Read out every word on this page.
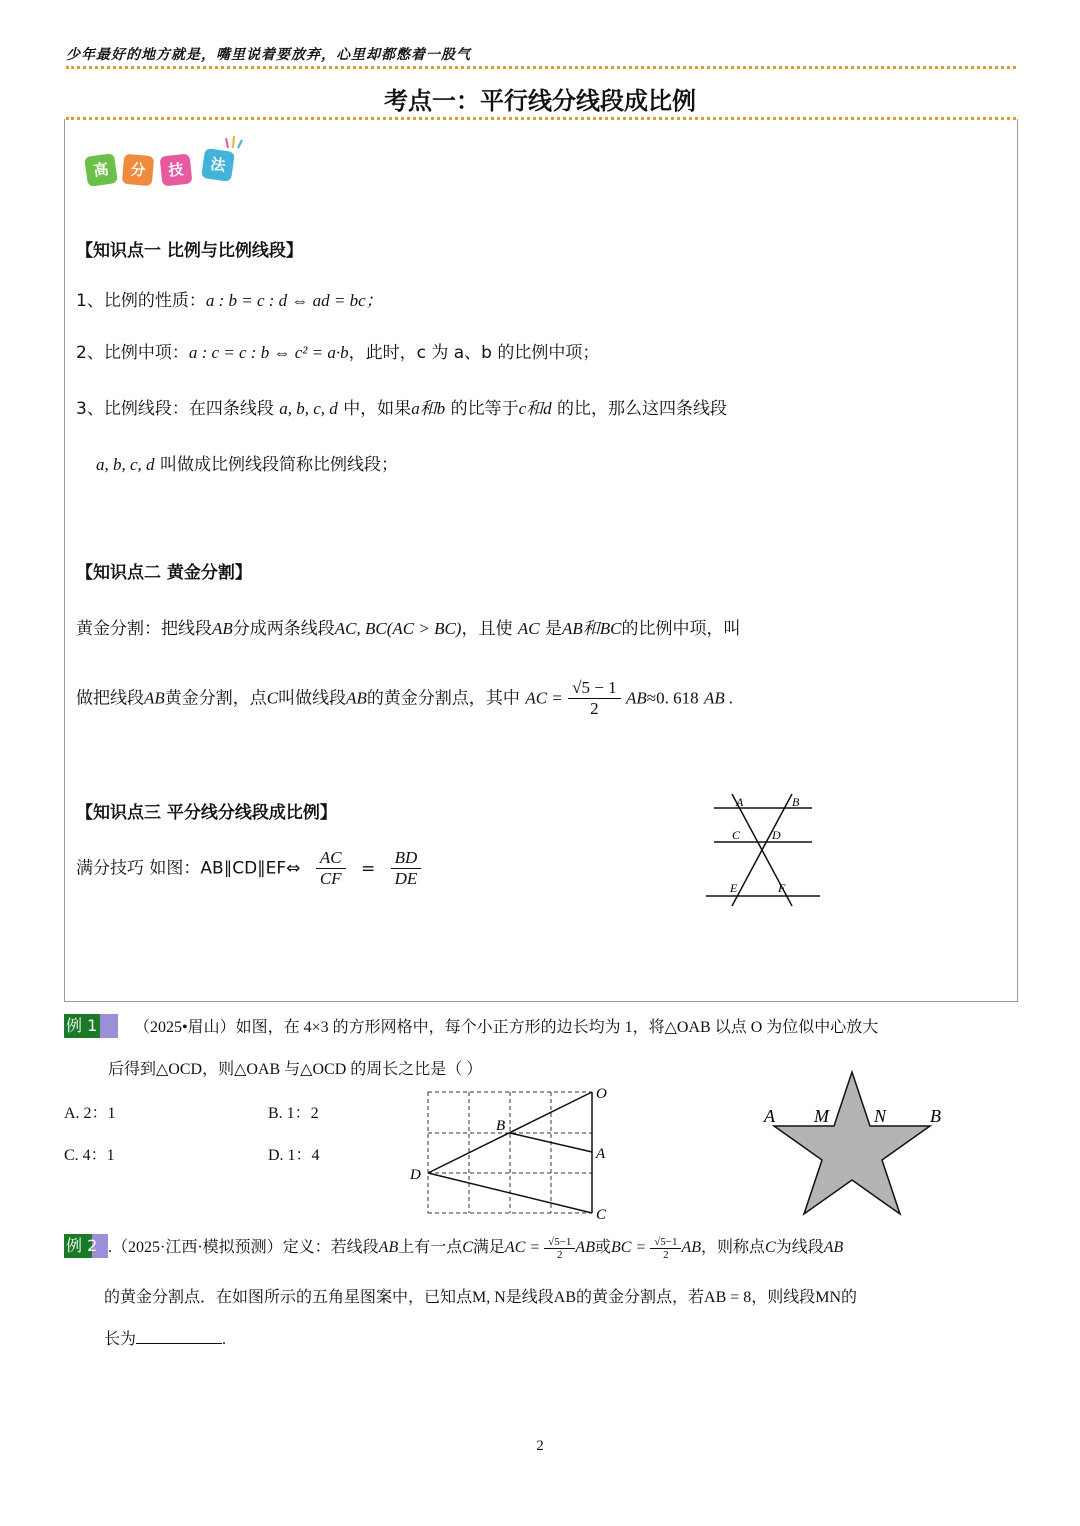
少年最好的地方就是，嘴里说着要放弃，心里却都憋着一股气
考点一：平行线分线段成比例
高	分	技	法
【知识点一 比例与比例线段】
1、比例的性质：a : b = c : d ⇔ ad = bc；
2、比例中项：a : c = c : b ⇔ c² = a·b，此时，c 为 a、b 的比例中项；
3、比例线段：在四条线段 a, b, c, d 中，如果a和b 的比等于c和d 的比，那么这四条线段
a, b, c, d 叫做成比例线段简称比例线段；
【知识点二 黄金分割】
黄金分割：把线段AB分成两条线段AC, BC(AC > BC)，且使 AC 是AB和BC的比例中项，叫
做把线段AB黄金分割，点C叫做线段AB的黄金分割点，其中 AC = $\frac{√5 - 1}{2} AB\approx 0$. 618 AB .
【知识点三 平分线分线段成比例】
满分技巧 如图：AB∥CD∥EF⇔ $\frac{AC}{CF} = \frac{BD}{DE}$
A	B
C	D
E	F
例 1 （2025•眉山）如图，在 4×3 的方形网格中，每个小正方形的边长均为 1，将△OAB 以点 O 为位似中心放大
后得到△OCD，则△OAB 与△OCD 的周长之比是（ ）
A. 2：1	B. 1：2
C. 4：1	D. 1：4
O
B
A
D
C
A M	N B
例 2 .（2025·江西·模拟预测）定义：若线段AB上有一点C满足AC = $\frac{√5-1}{2}$ AB或BC = $\frac{√5-1}{2}$ AB，则称点C为线段AB
的黄金分割点．在如图所示的五角星图案中，已知点M, N是线段AB的黄金分割点，若AB = 8，则线段MN的
长为	.
2
